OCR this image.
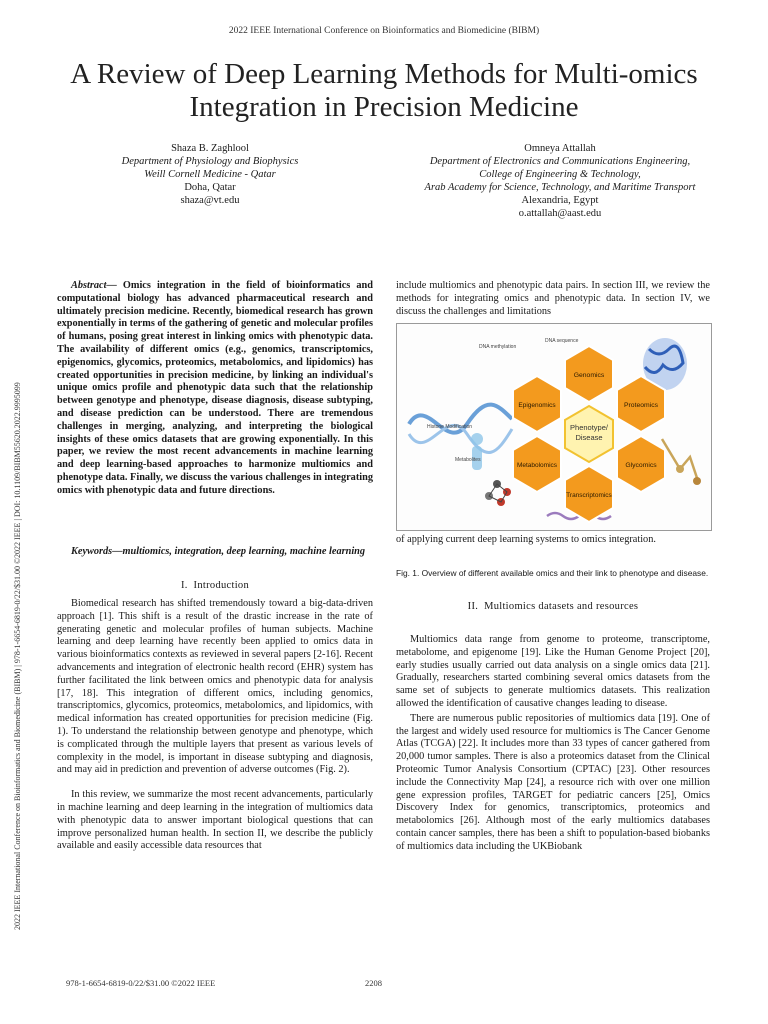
2022 IEEE International Conference on Bioinformatics and Biomedicine (BIBM)
A Review of Deep Learning Methods for Multi-omics Integration in Precision Medicine
Shaza B. Zaghlool
Department of Physiology and Biophysics
Weill Cornell Medicine - Qatar
Doha, Qatar
shaza@vt.edu
Omneya Attallah
Department of Electronics and Communications Engineering,
College of Engineering & Technology,
Arab Academy for Science, Technology, and Maritime Transport
Alexandria, Egypt
o.attallah@aast.edu
2022 IEEE International Conference on Bioinformatics and Biomedicine (BIBM) | 978-1-6654-6819-0/22/$31.00 ©2022 IEEE | DOI: 10.1109/BIBM55620.2022.9995099

Abstract— Omics integration in the field of bioinformatics and computational biology has advanced pharmaceutical research and ultimately precision medicine. Recently, biomedical research has grown exponentially in terms of the gathering of genetic and molecular profiles of humans, posing great interest in linking omics with phenotypic data. The availability of different omics (e.g., genomics, transcriptomics, epigenomics, glycomics, proteomics, metabolomics, and lipidomics) has created opportunities in precision medicine, by linking an individual's unique omics profile and phenotypic data such that the relationship between genotype and phenotype, disease diagnosis, disease subtyping, and disease prediction can be understood. There are tremendous challenges in merging, analyzing, and interpreting the biological insights of these omics datasets that are growing exponentially. In this paper, we review the most recent advancements in machine learning and deep learning-based approaches to harmonize multiomics and phenotype data. Finally, we discuss the various challenges in integrating omics with phenotypic data and future directions.

Keywords—multiomics, integration, deep learning, machine learning

I. Introduction

Biomedical research has shifted tremendously toward a big-data-driven approach [1]. This shift is a result of the drastic increase in the rate of generating genetic and molecular profiles of human subjects. Machine learning and deep learning have recently been applied to omics data in various bioinformatics contexts as reviewed in several papers [2-16]. Recent advancements and integration of electronic health record (EHR) system has further facilitated the link between omics and phenotypic data for analysis [17, 18]. This integration of different omics, including genomics, transcriptomics, glycomics, proteomics, metabolomics, and lipidomics, with medical information has created opportunities for precision medicine (Fig. 1). To understand the relationship between genotype and phenotype, which is complicated through the multiple layers that present as various levels of complexity in the model, is important in disease subtyping and diagnosis, and may aid in prediction and prevention of adverse outcomes (Fig. 2).

In this review, we summarize the most recent advancements, particularly in machine learning and deep learning in the integration of multiomics data with phenotypic data to answer important biological questions that can improve personalized human health. In section II, we describe the publicly available and easily accessible data resources that

include multiomics and phenotypic data pairs. In section III, we review the methods for integrating omics and phenotypic data. In section IV, we discuss the challenges and limitations

Phenotype/
Disease
Genomics
Proteomics
Glycomics
Transcriptomics
Metabolomics
Epigenomics
DNA sequence
DNA methylation
Histone Modification
Metabolites

of applying current deep learning systems to omics integration.

Fig. 1. Overview of different available omics and their link to phenotype and disease.
II. Multiomics datasets and resources

Multiomics data range from genome to proteome, transcriptome, metabolome, and epigenome [19]. Like the Human Genome Project [20], early studies usually carried out data analysis on a single omics data [21]. Gradually, researchers started combining several omics datasets from the same set of subjects to generate multiomics datasets. This realization allowed the identification of causative changes leading to disease.

There are numerous public repositories of multiomics data [19]. One of the largest and widely used resource for multiomics is The Cancer Genome Atlas (TCGA) [22]. It includes more than 33 types of cancer gathered from 20,000 tumor samples. There is also a proteomics dataset from the Clinical Proteomic Tumor Analysis Consortium (CPTAC) [23]. Other resources include the Connectivity Map [24], a resource rich with over one million gene expression profiles, TARGET for pediatric cancers [25], Omics Discovery Index for genomics, transcriptomics, proteomics and metabolomics [26]. Although most of the early multiomics databases contain cancer samples, there has been a shift to population-based biobanks of multiomics data including the UKBiobank

978-1-6654-6819-0/22/$31.00 ©2022 IEEE	2208
